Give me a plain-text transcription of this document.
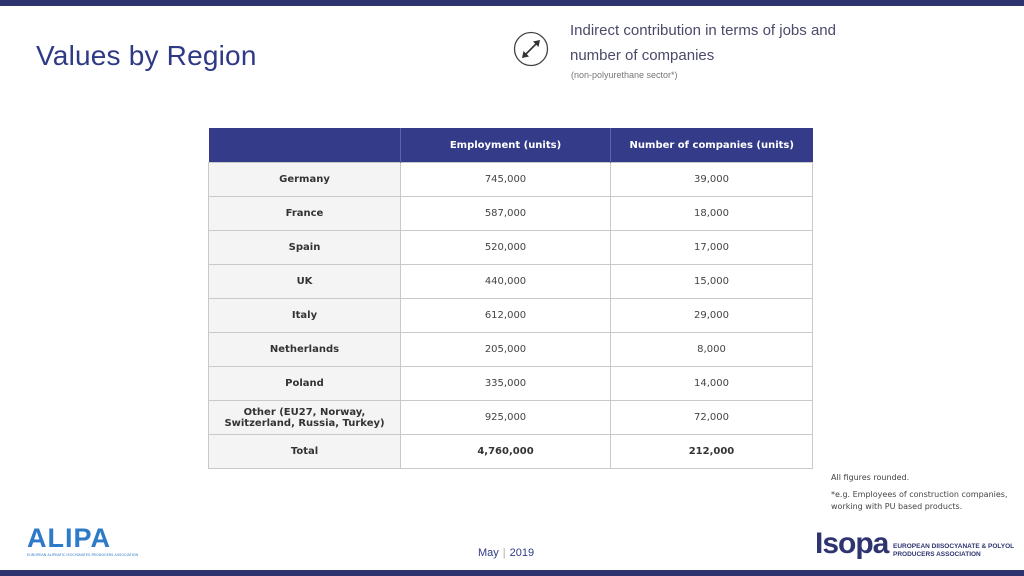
Values by Region
Indirect contribution in terms of jobs and
number of companies
(non-polyurethane sector*)
	Employment (units)	Number of companies (units)
Germany	745,000	39,000
France	587,000	18,000
Spain	520,000	17,000
UK	440,000	15,000
Italy	612,000	29,000
Netherlands	205,000	8,000
Poland	335,000	14,000
Other (EU27, Norway, Switzerland, Russia, Turkey)	925,000	72,000
Total	4,760,000	212,000
All figures rounded.
*e.g. Employees of construction companies, working with PU based products.
ALIPA
EUROPEAN ALIPHATIC ISOCYANATES PRODUCERS ASSOCIATION	May | 2019	Isopa EUROPEAN DIISOCYANATE & POLYOL
PRODUCERS ASSOCIATION
